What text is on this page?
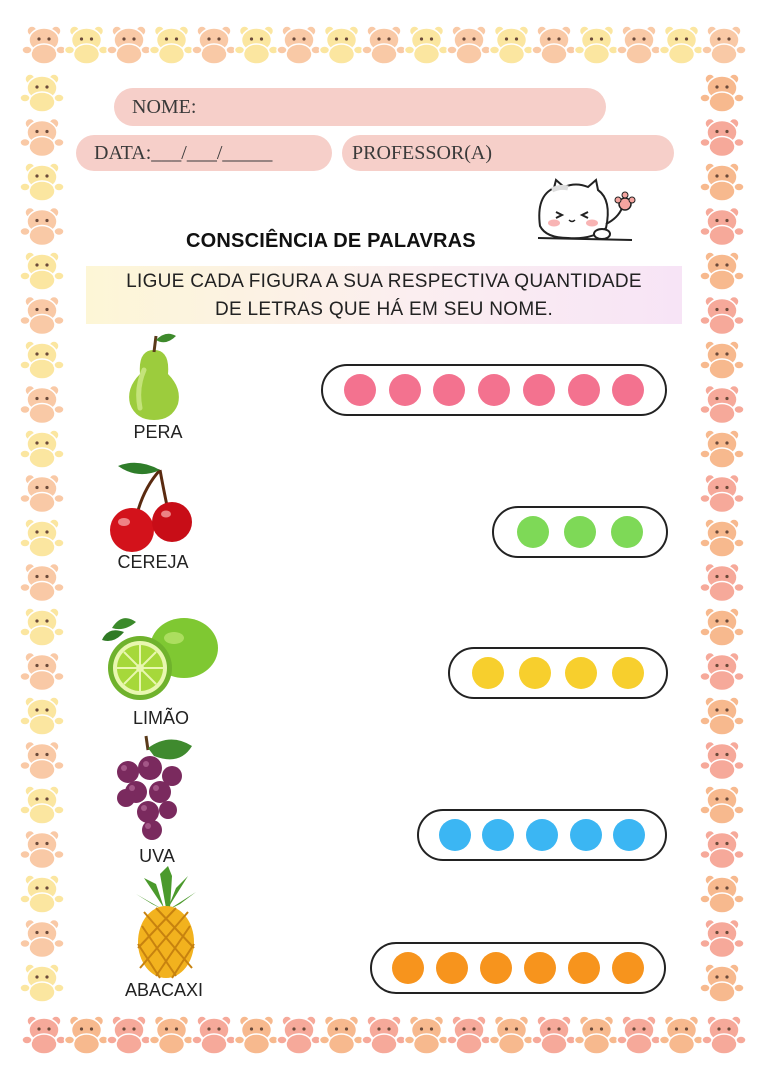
NOME:
DATA:___/___/_____	PROFESSOR(A)
CONSCIÊNCIA DE PALAVRAS
LIGUE CADA FIGURA A SUA RESPECTIVA QUANTIDADE
DE LETRAS QUE HÁ EM SEU NOME.
PERA
CEREJA
LIMÃO
UVA
ABACAXI
